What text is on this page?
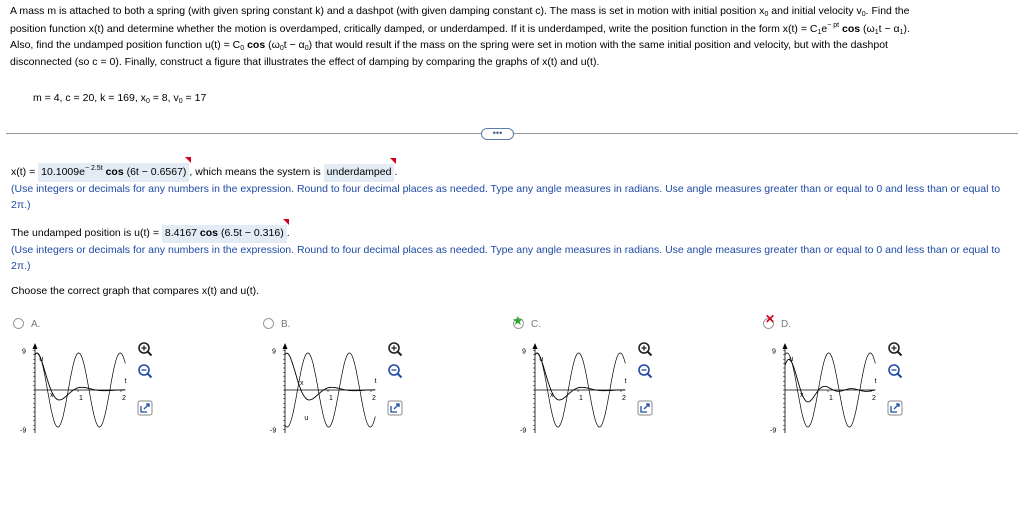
A mass m is attached to both a spring (with given spring constant k) and a dashpot (with given damping constant c). The mass is set in motion with initial position $x_0$ and initial velocity $v_0$. Find the

position function x(t) and determine whether the motion is overdamped, critically damped, or underdamped. If it is underdamped, write the position function in the form $x(t) = C_1e^{- pt}$ $\cos (\omega_1t - \alpha_1)$.

Also, find the undamped position function $u(t) = C_0$ $\cos (\omega_0t - \alpha_0)$ that would result if the mass on the spring were set in motion with the same initial position and velocity, but with the dashpot

disconnected (so c = 0). Finally, construct a figure that illustrates the effect of damping by comparing the graphs of x(t) and u(t).

m = 4, c = 20, k = 169, $x_0 = 8$, $v_0 = 17$
•••
$x(t) = 10.1009e^{- 2.5t}$ cos (6t − 0.6567) , which means the system is underdamped .
(Use integers or decimals for any numbers in the expression. Round to four decimal places as needed. Type any angle measures in radians. Use angle measures greater than or equal to 0 and less than or equal to 2π.)
The undamped position is u(t) = 8.4167 cos (6.5t − 0.316) .
(Use integers or decimals for any numbers in the expression. Round to four decimal places as needed. Type any angle measures in radians. Use angle measures greater than or equal to 0 and less than or equal to 2π.)
Choose the correct graph that compares x(t) and u(t).
A.
9
-9
t
1	2
u
x
B.
9
-9
t
1	2
u
x
★ C.
9
-9
t
1	2
u
x
✕ D.
9
-9
t
1	2
u
x
